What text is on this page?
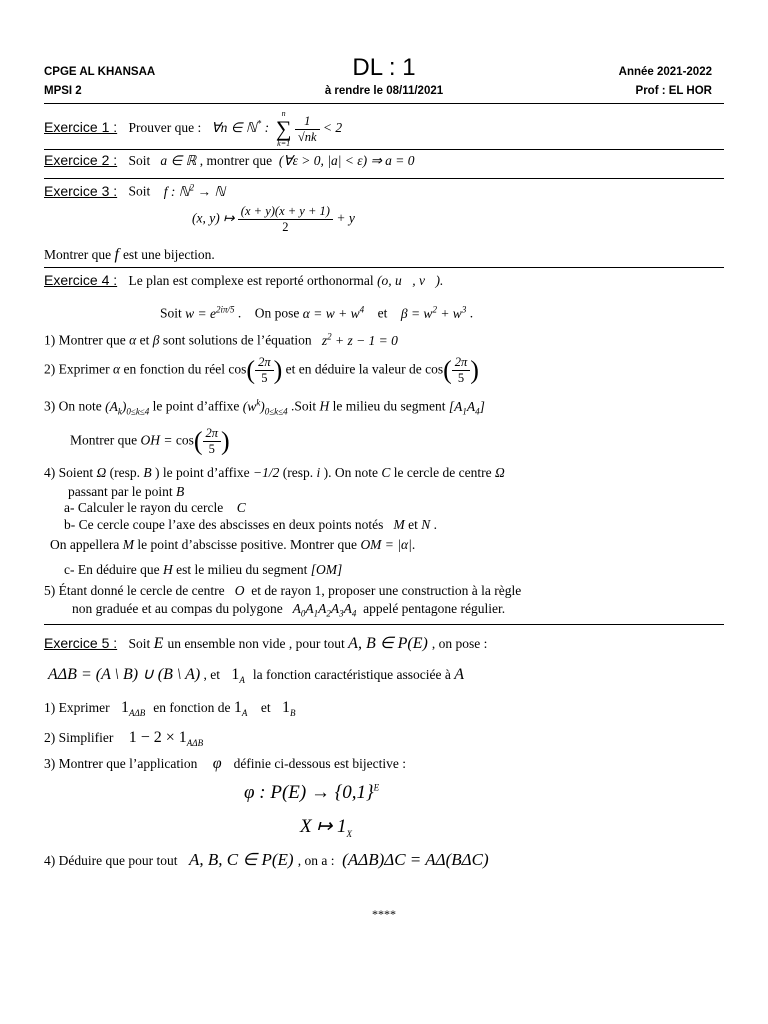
CPGE AL KHANSAA
MPSI 2
DL : 1
à rendre le 08/11/2021
Année 2021-2022
Prof : EL HOR
Exercice 1 : Prouver que :   ∀n ∈ ℕ* :
n
∑
k=1
$\frac{1}{√nk} < 2$
Exercice 2 : Soit   a ∈ ℝ , montrer que  (∀ε > 0, |a| < ε) ⇒ a = 0
Exercice 3 : Soit    f : ℕ$^2$ → ℕ
(x, y) ↦ $\frac{(x + y)(x + y + 1)}{2} + y$
Montrer que f est une bijection.
Exercice 4 : Le plan est complexe est reporté orthonormal (o, u⃗, v⃗).
Soit $w = e^{2i\pi/5}$ .    On pose $\alpha = w + w^4$ et    $\beta = w^2 + w^3$ .
1) Montrer que α et β sont solutions de l’équation   $z^2 + z - 1 = 0$
2) Exprimer α en fonction du réel $\cos( \frac{2\pi}{5}$ ) et en déduire la valeur de $\cos( \frac{2\pi}{5}$ )
3) On note $(A_k)_{0\le k\le 4}$ le point d’affixe $(w^k)_{0\le k\le 4}$ .Soit H le milieu du segment $[A_1A_4]$
Montrer que OH = $\cos( \frac{2\pi}{5}$ )
4) Soient Ω (resp. B ) le point d’affixe −1/2 (resp. i ). On note C le cercle de centre Ω
passant par le point B
a- Calculer le rayon du cercle    C
b- Ce cercle coupe l’axe des abscisses en deux points notés   M et N .
On appellera M le point d’abscisse positive. Montrer que OM = |α|.
c- En déduire que H est le milieu du segment [OM]
5) Étant donné le cercle de centre   O  et de rayon 1, proposer une construction à la règle
non graduée et au compas du polygone   $A_0A_1A_2A_3A_4$ appelé pentagone régulier.
Exercice 5 : Soit E un ensemble non vide , pour tout A, B ∈ P(E) , on pose :
AΔB = (A \ B) ∪ (B \ A) , et   $1_A$ la fonction caractéristique associée à A
1) Exprimer   $1_{A\Delta B}$ en fonction de $1_A$ et   $1_B$
2) Simplifier    $1 - 2 \times 1_{A\Delta B}$
3) Montrer que l’application    φ   définie ci-dessous est bijective :
φ : $P(E) \to \{0,1\}^E$
X ↦ $1_X$
4) Déduire que pour tout   A, B, C ∈ P(E) , on a :  (AΔB)ΔC = AΔ(BΔC)
****
